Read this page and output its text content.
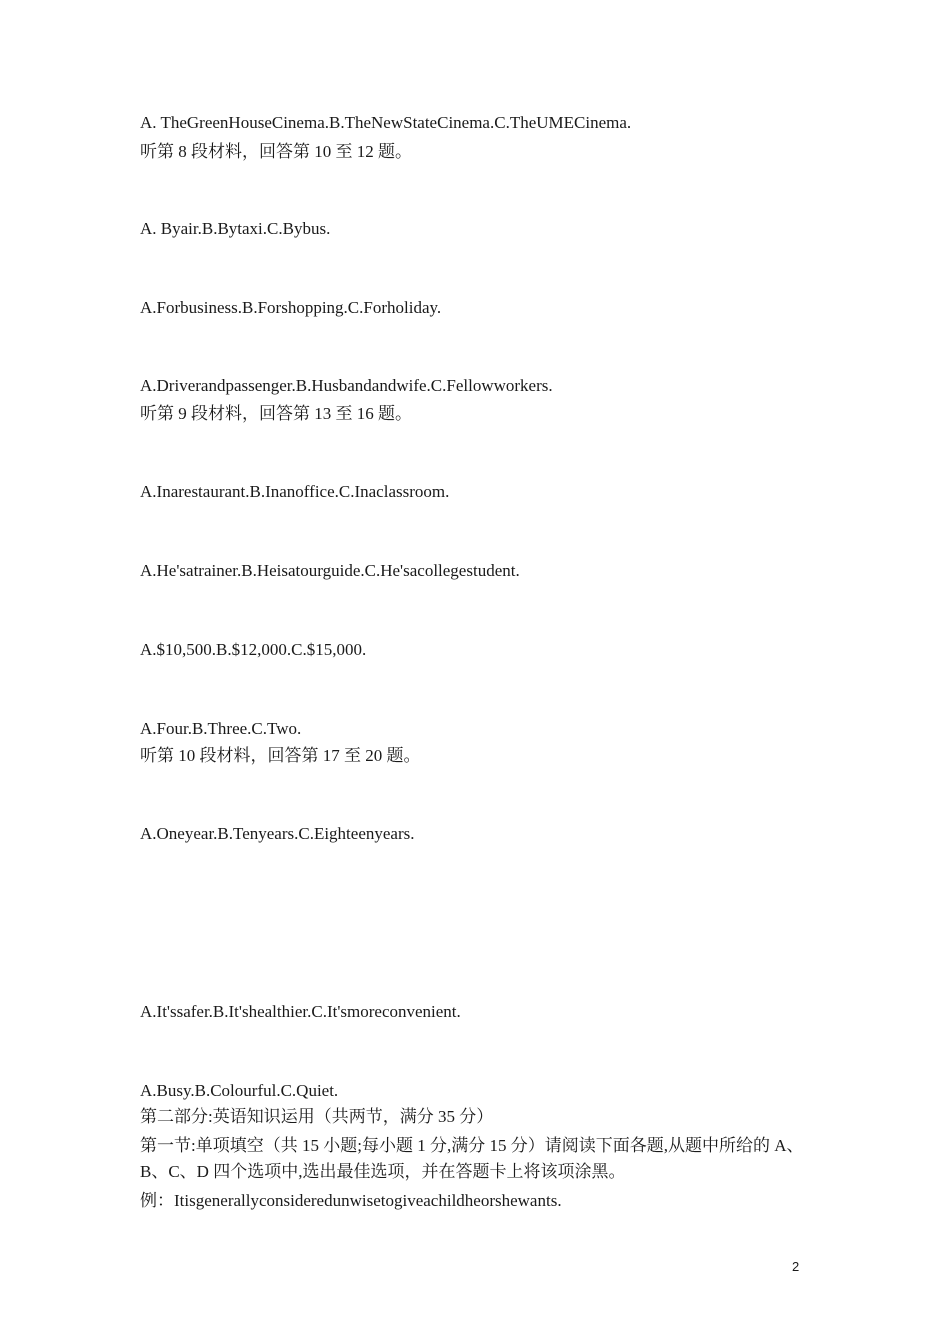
A. TheGreenHouseCinema.B.TheNewStateCinema.C.TheUMECinema.
听第 8 段材料，回答第 10 至 12 题。
A. Byair.B.Bytaxi.C.Bybus.
A.Forbusiness.B.Forshopping.C.Forholiday.
A.Driverandpassenger.B.Husbandandwife.C.Fellowworkers.
听第 9 段材料，回答第 13 至 16 题。
A.Inarestaurant.B.Inanoffice.C.Inaclassroom.
A.He'satrainer.B.Heisatourguide.C.He'sacollegestudent.
A.$10,500.B.$12,000.C.$15,000.
A.Four.B.Three.C.Two.
听第 10 段材料，回答第 17 至 20 题。
A.Oneyear.B.Tenyears.C.Eighteenyears.
A.It'ssafer.B.It'shealthier.C.It'smoreconvenient.
A.Busy.B.Colourful.C.Quiet.
第二部分:英语知识运用（共两节，满分 35 分）
第一节:单项填空（共 15 小题;每小题 1 分,满分 15 分）请阅读下面各题,从题中所给的 A、B、C、D 四个选项中,选出最佳选项，并在答题卡上将该项涂黑。
例：Itisgenerallyconsideredunwisetogiveachildheorshewants.
2
